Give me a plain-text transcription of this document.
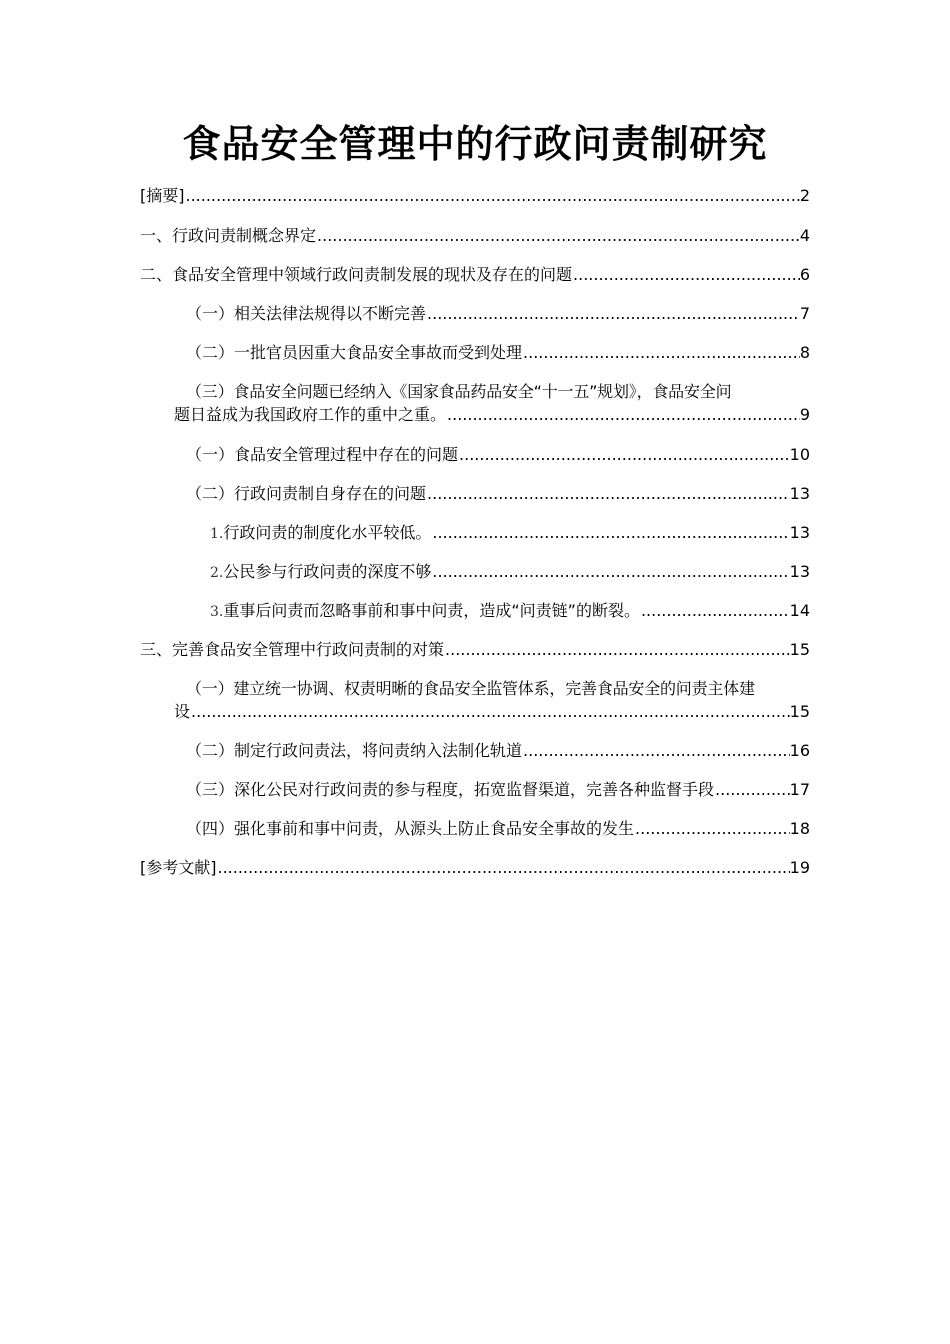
食品安全管理中的行政问责制研究
[摘要] .....	2
一、行政问责制概念界定 .....	4
二、食品安全管理中领域行政问责制发展的现状及存在的问题 .....	6
（一）相关法律法规得以不断完善 .....	7
（二）一批官员因重大食品安全事故而受到处理 .....	8
（三）食品安全问题已经纳入《国家食品药品安全“十一五”规划》，食品安全问
题日益成为我国政府工作的重中之重。 .....	9
（一）食品安全管理过程中存在的问题 .....	10
（二）行政问责制自身存在的问题 .....	13
1. 行政问责的制度化水平较低。 .....	13
2. 公民参与行政问责的深度不够 .....	13
3. 重事后问责而忽略事前和事中问责，造成“问责链”的断裂。 .....	14
三、完善食品安全管理中行政问责制的对策 .....	15
（一）建立统一协调、权责明晰的食品安全监管体系，完善食品安全的问责主体建
设 .....	15
（二）制定行政问责法，将问责纳入法制化轨道 .....	16
（三）深化公民对行政问责的参与程度，拓宽监督渠道，完善各种监督手段 .....	17
（四）强化事前和事中问责，从源头上防止食品安全事故的发生 .....	18
[参考文献] .....	19
